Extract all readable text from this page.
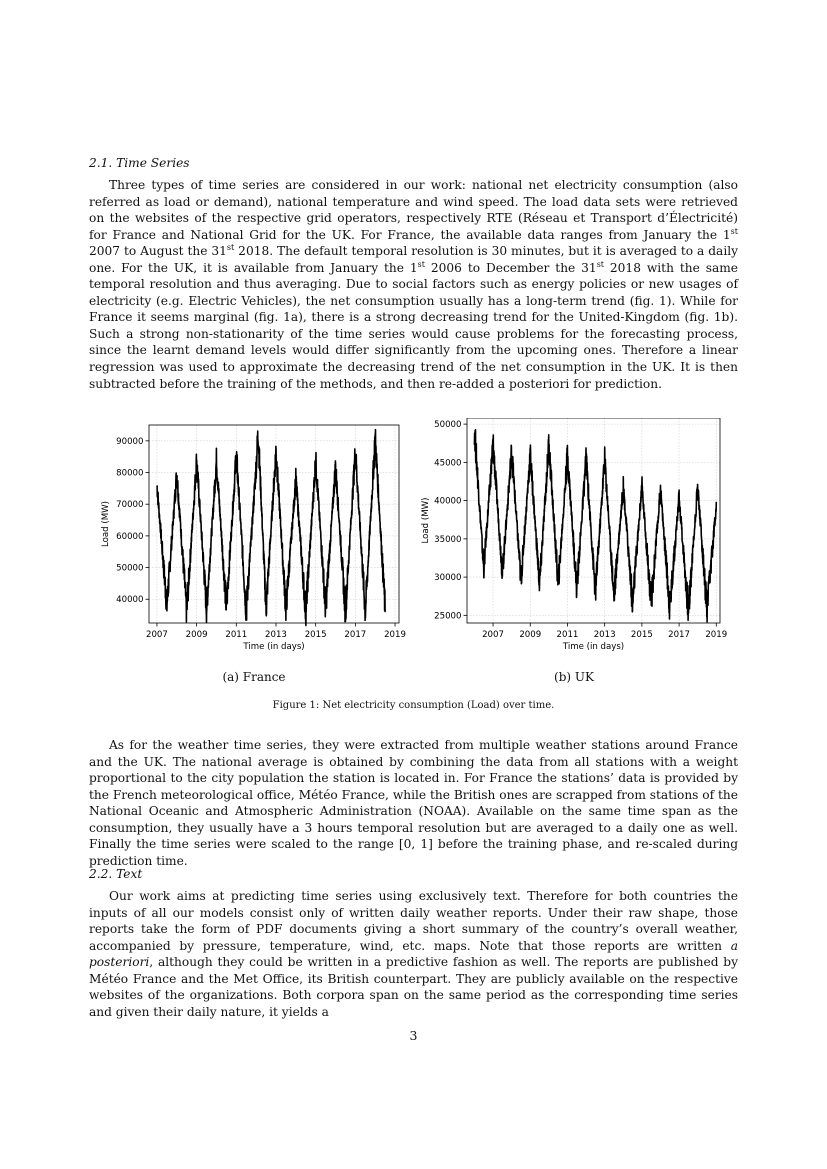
2.1. Time Series

Three types of time series are considered in our work: national net electricity consumption (also referred as load or demand), national temperature and wind speed. The load data sets were retrieved on the websites of the respective grid operators, respectively RTE (Réseau et Transport d’Électricité) for France and National Grid for the UK. For France, the available data ranges from January the 1st 2007 to August the 31st 2018. The default temporal resolution is 30 minutes, but it is averaged to a daily one. For the UK, it is available from January the 1st 2006 to December the 31st 2018 with the same temporal resolution and thus averaging. Due to social factors such as energy policies or new usages of electricity (e.g. Electric Vehicles), the net consumption usually has a long-term trend (fig. 1). While for France it seems marginal (fig. 1a), there is a strong decreasing trend for the United-Kingdom (fig. 1b). Such a strong non-stationarity of the time series would cause problems for the forecasting process, since the learnt demand levels would differ significantly from the upcoming ones. Therefore a linear regression was used to approximate the decreasing trend of the net consumption in the UK. It is then subtracted before the training of the methods, and then re-added a posteriori for prediction.

2007 2009 2011 2013 2015 2017 2019
40000
50000
60000
70000
80000
90000
Time (in days)
Load (MW)
2007 2009 2011 2013 2015 2017 2019
25000
30000
35000
40000
45000
50000
Time (in days)
Load (MW)
(a) France	(b) UK
Figure 1: Net electricity consumption (Load) over time.

As for the weather time series, they were extracted from multiple weather stations around France and the UK. The national average is obtained by combining the data from all stations with a weight proportional to the city population the station is located in. For France the stations’ data is provided by the French meteorological office, Météo France, while the British ones are scrapped from stations of the National Oceanic and Atmospheric Administration (NOAA). Available on the same time span as the consumption, they usually have a 3 hours temporal resolution but are averaged to a daily one as well. Finally the time series were scaled to the range [0, 1] before the training phase, and re-scaled during prediction time.

2.2. Text

Our work aims at predicting time series using exclusively text. Therefore for both countries the inputs of all our models consist only of written daily weather reports. Under their raw shape, those reports take the form of PDF documents giving a short summary of the country’s overall weather, accompanied by pressure, temperature, wind, etc. maps. Note that those reports are written a posteriori, although they could be written in a predictive fashion as well. The reports are published by Météo France and the Met Office, its British counterpart. They are publicly available on the respective websites of the organizations. Both corpora span on the same period as the corresponding time series and given their daily nature, it yields a

3
